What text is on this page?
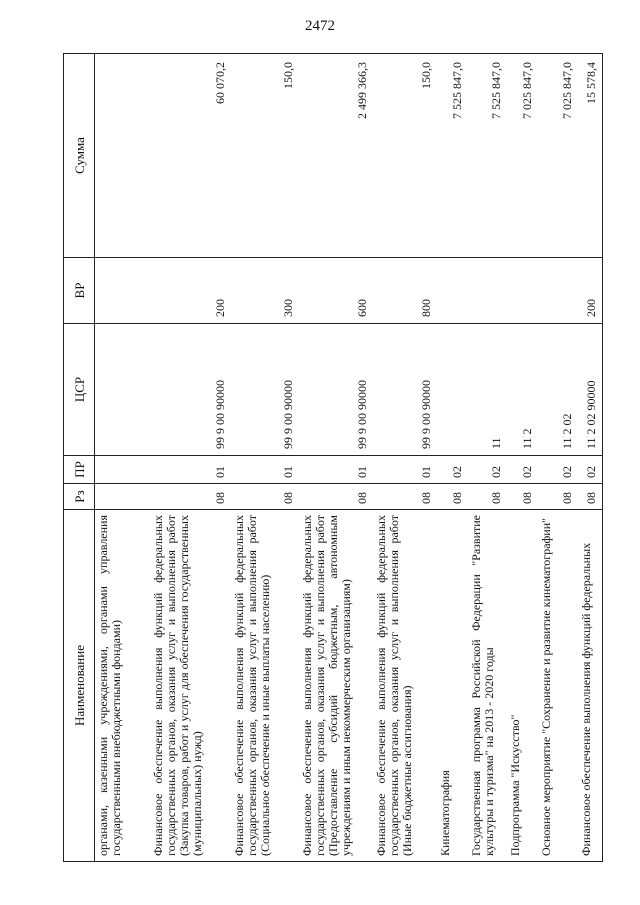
2472
Наименование	Рз	ПР	ЦСР	ВР	Сумма
органами, казенными учреждениями, органами управления государственными внебюджетными фондами)					
Финансовое обеспечение выполнения функций федеральных государственных органов, оказания услуг и выполнения работ (Закупка товаров, работ и услуг для обеспечения государственных (муниципальных) нужд)	08	01	99 9 00 90000	200	60 070,2
Финансовое обеспечение выполнения функций федеральных государственных органов, оказания услуг и выполнения работ (Социальное обеспечение и иные выплаты населению)	08	01	99 9 00 90000	300	150,0
Финансовое обеспечение выполнения функций федеральных государственных органов, оказания услуг и выполнения работ (Предоставление субсидий бюджетным, автономным учреждениям и иным некоммерческим организациям)	08	01	99 9 00 90000	600	2 499 366,3
Финансовое обеспечение выполнения функций федеральных государственных органов, оказания услуг и выполнения работ (Иные бюджетные ассигнования)	08	01	99 9 00 90000	800	150,0
Кинематография	08	02			7 525 847,0
Государственная программа Российской Федерации "Развитие культуры и туризма" на 2013 - 2020 годы	08	02	11		7 525 847,0
Подпрограмма "Искусство"	08	02	11 2		7 025 847,0
Основное мероприятие "Сохранение и развитие кинематографии"	08	02	11 2 02		7 025 847,0
Финансовое обеспечение выполнения функций федеральных	08	02	11 2 02 90000	200	15 578,4
